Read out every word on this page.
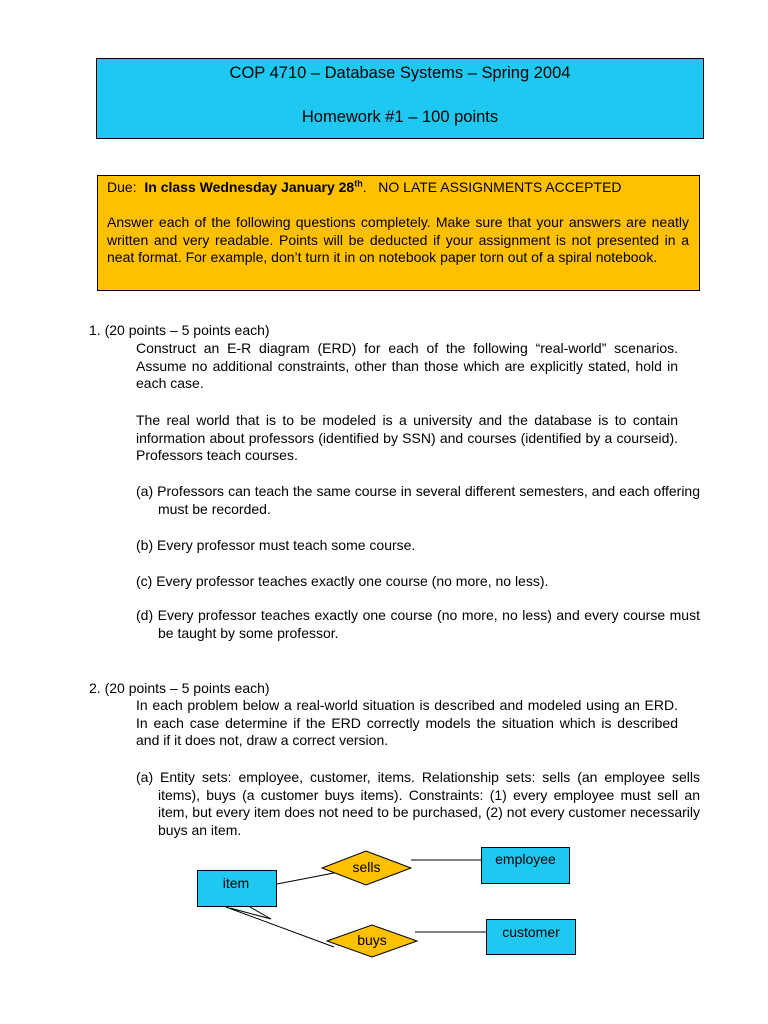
COP 4710 – Database Systems – Spring 2004
Homework #1 – 100 points
Due:  In class Wednesday January 28th.   NO LATE ASSIGNMENTS ACCEPTED
Answer each of the following questions completely. Make sure that your answers are neatly written and very readable. Points will be deducted if your assignment is not presented in a neat format. For example, don’t turn it in on notebook paper torn out of a spiral notebook.
1. (20 points – 5 points each)
Construct an E-R diagram (ERD) for each of the following “real-world” scenarios. Assume no additional constraints, other than those which are explicitly stated, hold in each case.
The real world that is to be modeled is a university and the database is to contain information about professors (identified by SSN) and courses (identified by a courseid). Professors teach courses.
(a) Professors can teach the same course in several different semesters, and each offering must be recorded.
(b) Every professor must teach some course.
(c) Every professor teaches exactly one course (no more, no less).
(d) Every professor teaches exactly one course (no more, no less) and every course must be taught by some professor.
2. (20 points – 5 points each)
In each problem below a real-world situation is described and modeled using an ERD. In each case determine if the ERD correctly models the situation which is described and if it does not, draw a correct version.
(a) Entity sets: employee, customer, items. Relationship sets: sells (an employee sells items), buys (a customer buys items). Constraints: (1) every employee must sell an item, but every item does not need to be purchased, (2) not every customer necessarily buys an item.
sells
buys
item
employee
customer
